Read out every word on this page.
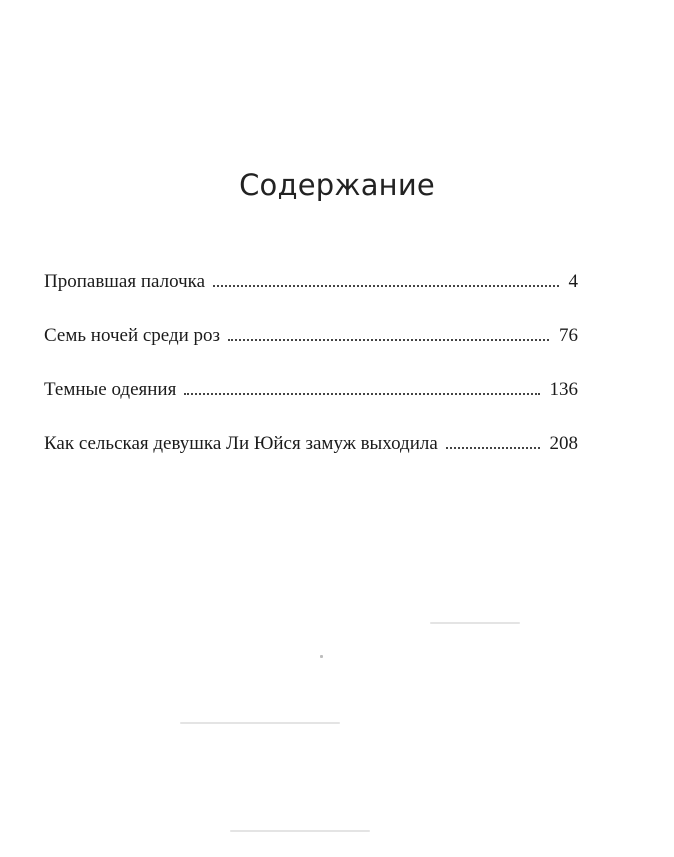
Содержание
Пропавшая палочка	4
Семь ночей среди роз	76
Темные одеяния	136
Как сельская девушка Ли Юйся замуж выходила	208
